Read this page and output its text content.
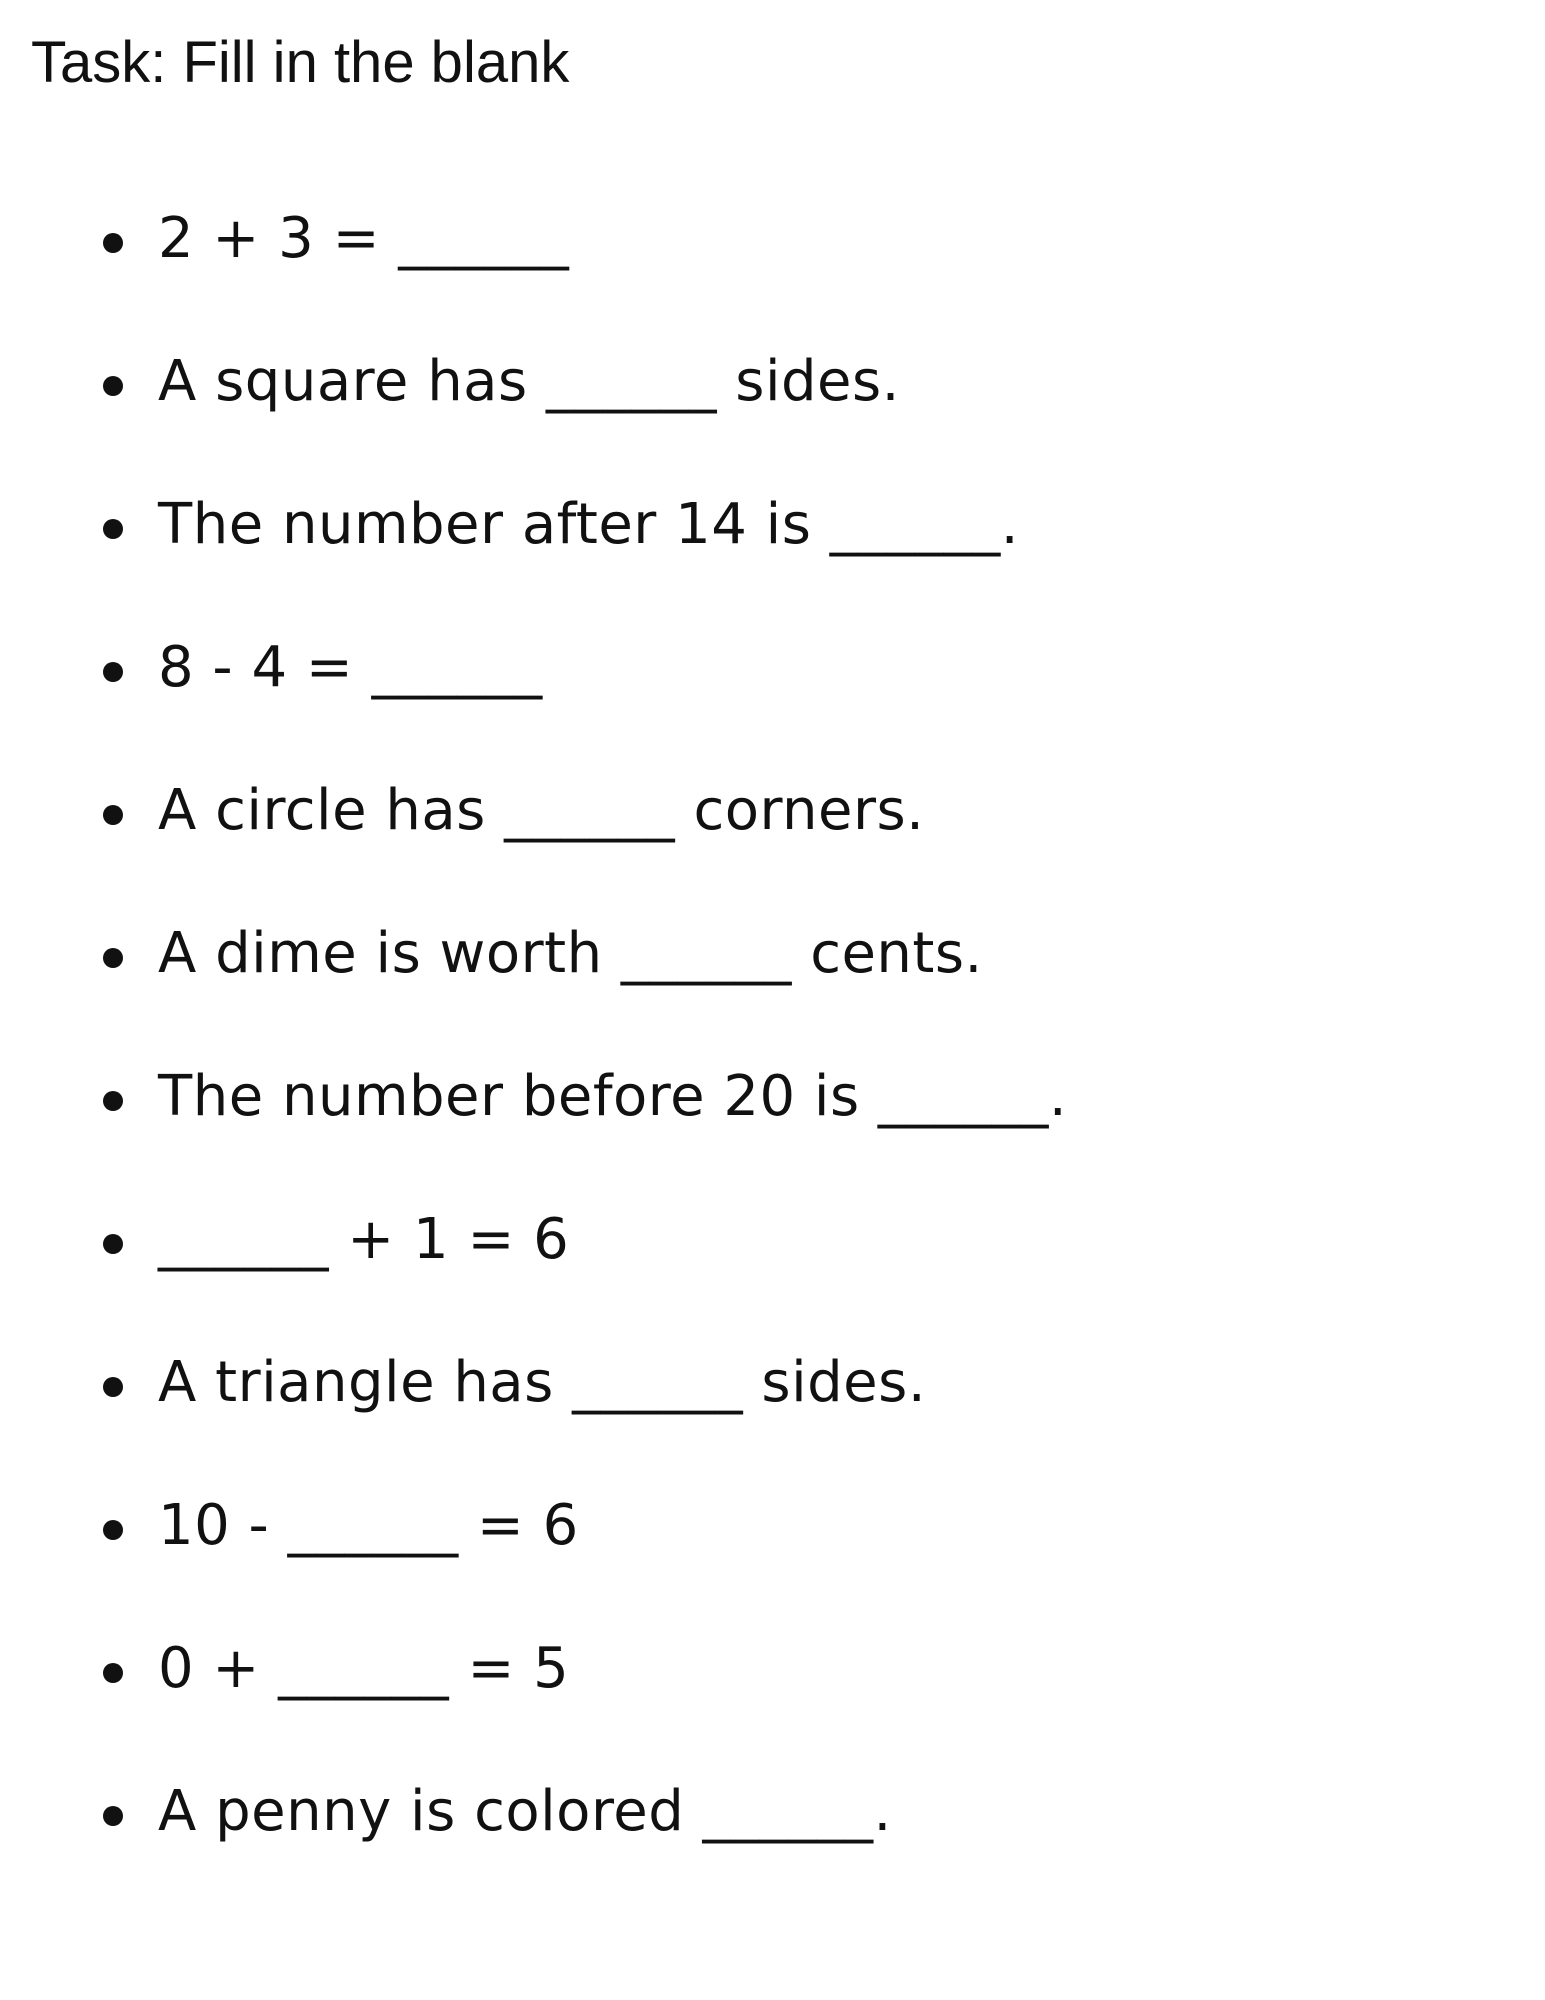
Task: Fill in the blank
2 + 3 = ______
A square has ______ sides.
The number after 14 is ______.
8 - 4 = ______
A circle has ______ corners.
A dime is worth ______ cents.
The number before 20 is ______.
______ + 1 = 6
A triangle has ______ sides.
10 - ______ = 6
0 + ______ = 5
A penny is colored ______.
